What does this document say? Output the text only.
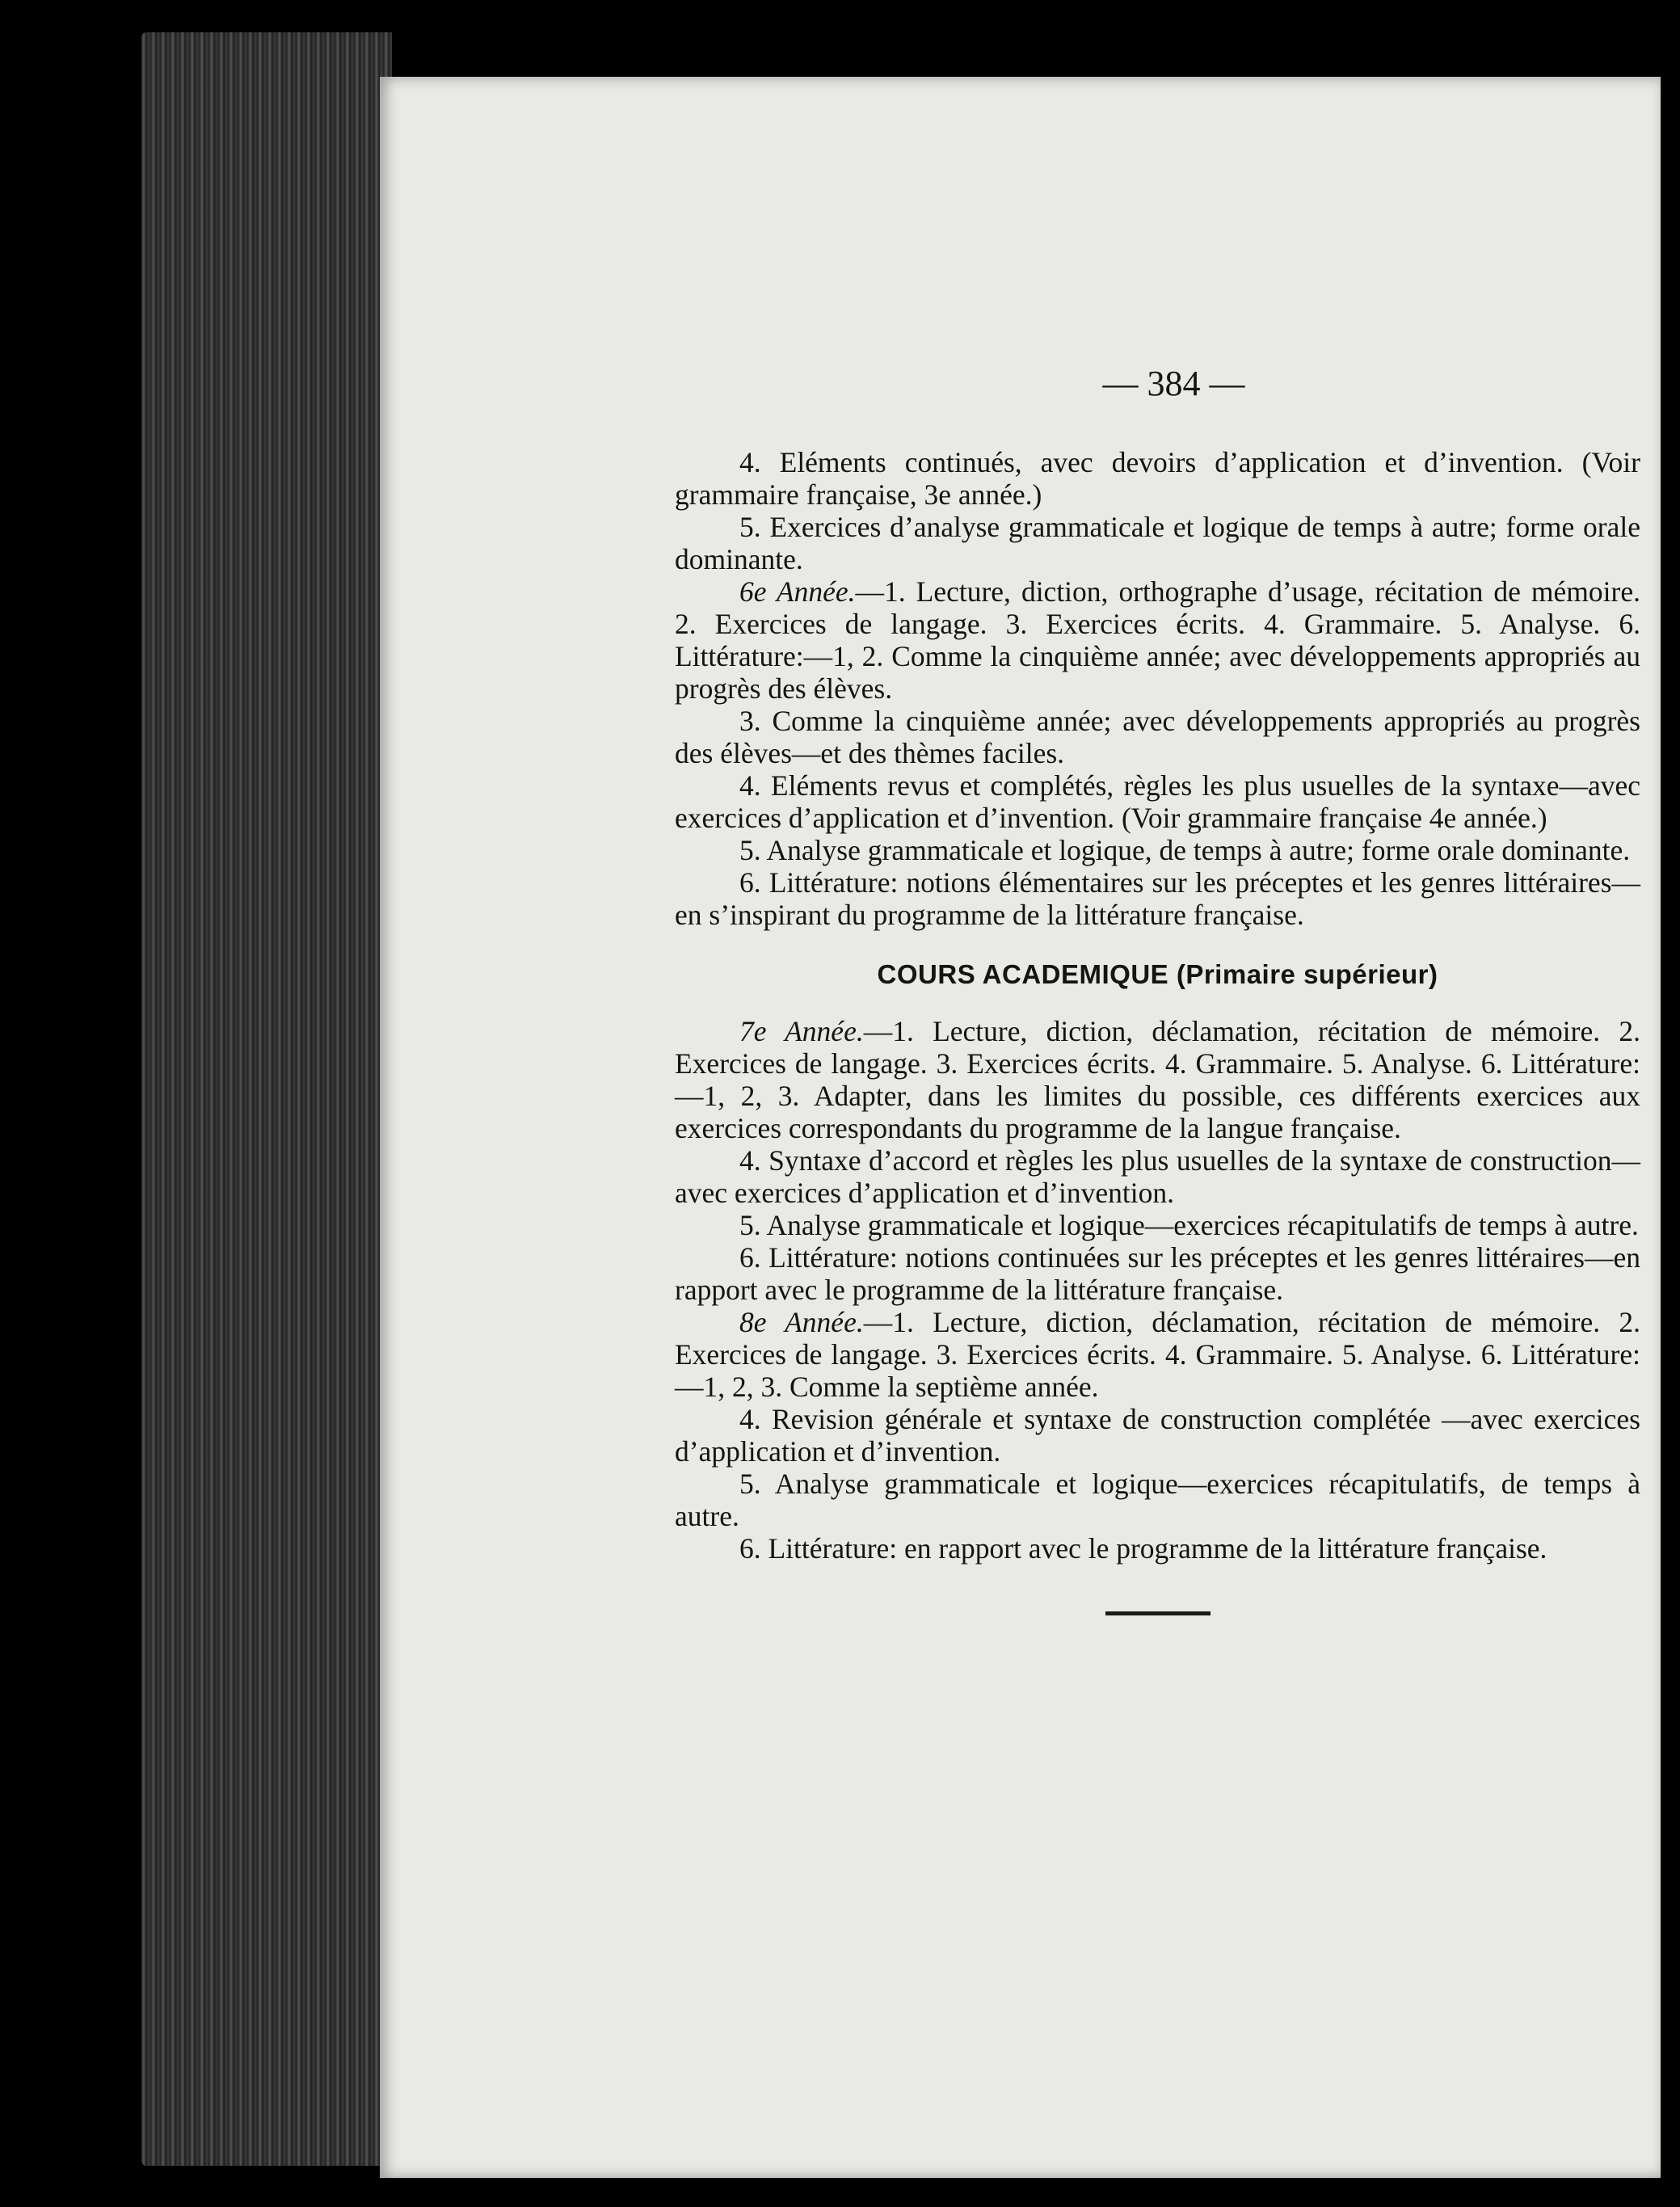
— 384 —

4. Eléments continués, avec devoirs d’application et d’invention. (Voir grammaire française, 3e année.)

5. Exercices d’analyse grammaticale et logique de temps à autre; forme orale dominante.

6e Année.—1. Lecture, diction, orthographe d’usage, récitation de mémoire. 2. Exercices de langage. 3. Exercices écrits. 4. Grammaire. 5. Analyse. 6. Littérature:—1, 2. Comme la cinquième année; avec développements appropriés au progrès des élèves.

3. Comme la cinquième année; avec développements appropriés au progrès des élèves—et des thèmes faciles.

4. Eléments revus et complétés, règles les plus usuelles de la syntaxe—avec exercices d’application et d’invention. (Voir grammaire française 4e année.)

5. Analyse grammaticale et logique, de temps à autre; forme orale dominante.

6. Littérature: notions élémentaires sur les préceptes et les genres littéraires—en s’inspirant du programme de la littérature française.

COURS ACADEMIQUE (Primaire supérieur)

7e Année.—1. Lecture, diction, déclamation, récitation de mémoire. 2. Exercices de langage. 3. Exercices écrits. 4. Grammaire. 5. Analyse. 6. Littérature:—1, 2, 3. Adapter, dans les limites du possible, ces différents exercices aux exercices correspondants du programme de la langue française.

4. Syntaxe d’accord et règles les plus usuelles de la syntaxe de construction—avec exercices d’application et d’invention.

5. Analyse grammaticale et logique—exercices récapitulatifs de temps à autre.

6. Littérature: notions continuées sur les préceptes et les genres littéraires—en rapport avec le programme de la littérature française.

8e Année.—1. Lecture, diction, déclamation, récitation de mémoire. 2. Exercices de langage. 3. Exercices écrits. 4. Grammaire. 5. Analyse. 6. Littérature:—1, 2, 3. Comme la septième année.

4. Revision générale et syntaxe de construction complétée —avec exercices d’application et d’invention.

5. Analyse grammaticale et logique—exercices récapitulatifs, de temps à autre.

6. Littérature: en rapport avec le programme de la littérature française.
